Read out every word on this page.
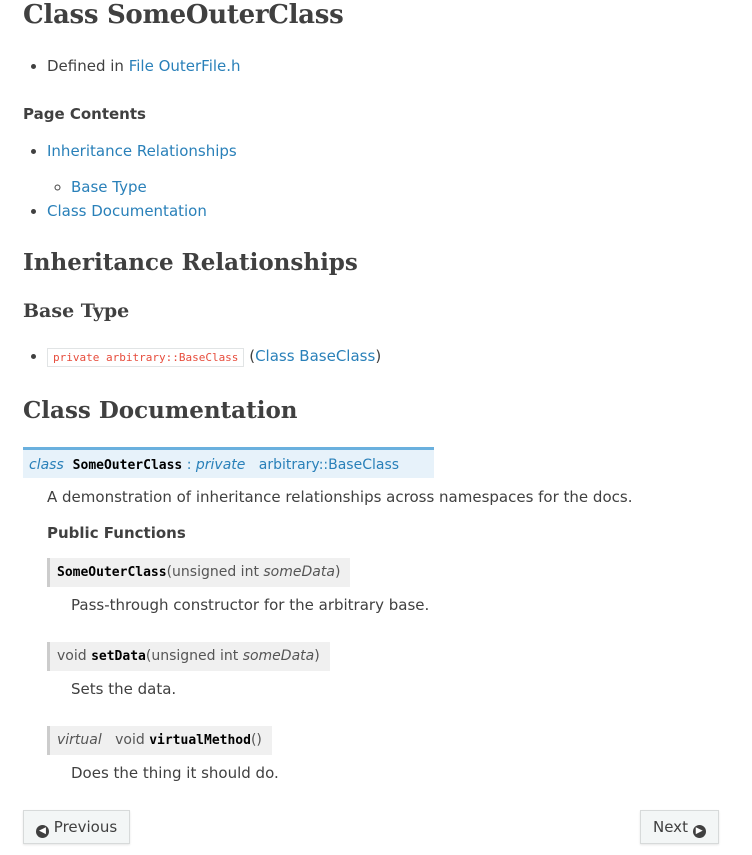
Class SomeOuterClass
• Defined in File OuterFile.h
Page Contents
• Inheritance Relationships
◦ Base Type
• Class Documentation
Inheritance Relationships
Base Type
• private arbitrary::BaseClass (Class BaseClass)
Class Documentation
class SomeOuterClass : private arbitrary::BaseClass
A demonstration of inheritance relationships across namespaces for the docs.
Public Functions
SomeOuterClass(unsigned int someData)
Pass-through constructor for the arbitrary base.
void setData(unsigned int someData)
Sets the data.
virtual void virtualMethod()
Does the thing it should do.
◀ Previous	Next ▶
